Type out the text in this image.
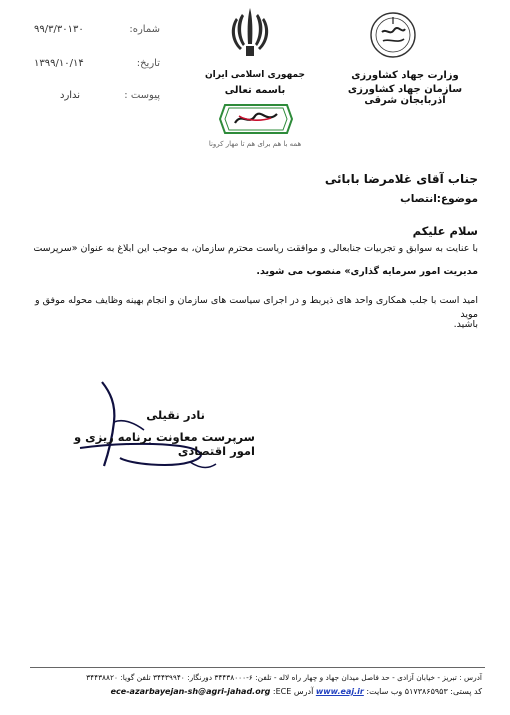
شماره:
۹۹/۳/۳۰۱۳۰
تاریخ:
۱۳۹۹/۱۰/۱۴
پیوست :
ندارد
جمهوری اسلامی ایران
باسمه تعالی
همه با هم برای هم تا مهار کرونا
وزارت جهاد کشاورزی
سازمان جهاد کشاورزی آذربایجان شرقی
جناب آقای غلامرضا بابائی
موضوع:انتصاب
سلام علیکم
با عنایت به سوابق و تجربیات جنابعالی و موافقت ریاست محترم سازمان، به موجب این ابلاغ به عنوان «سرپرست
مدیریت امور سرمایه گذاری» منصوب می شوید.
امید است با جلب همکاری واحد های ذیربط و در اجرای سیاست های سازمان و انجام بهینه وظایف محوله موفق و موید
باشید.
نادر نقیلی
سرپرست معاونت برنامه ریزی و امور اقتصادی
آدرس : تبریز - خیابان آزادی - حد فاصل میدان جهاد و چهار راه لاله - تلفن: ۶-۳۴۴۳۸۰۰۰ دورنگار: ۳۴۴۳۹۹۴۰ تلفن گویا: ۳۴۴۳۸۸۲۰
ece-azarbayejan-sh@agri-jahad.org آدرس ECE: www.eaj.ir کد پستی: ۵۱۷۳۸۶۵۹۵۳ وب سایت:
